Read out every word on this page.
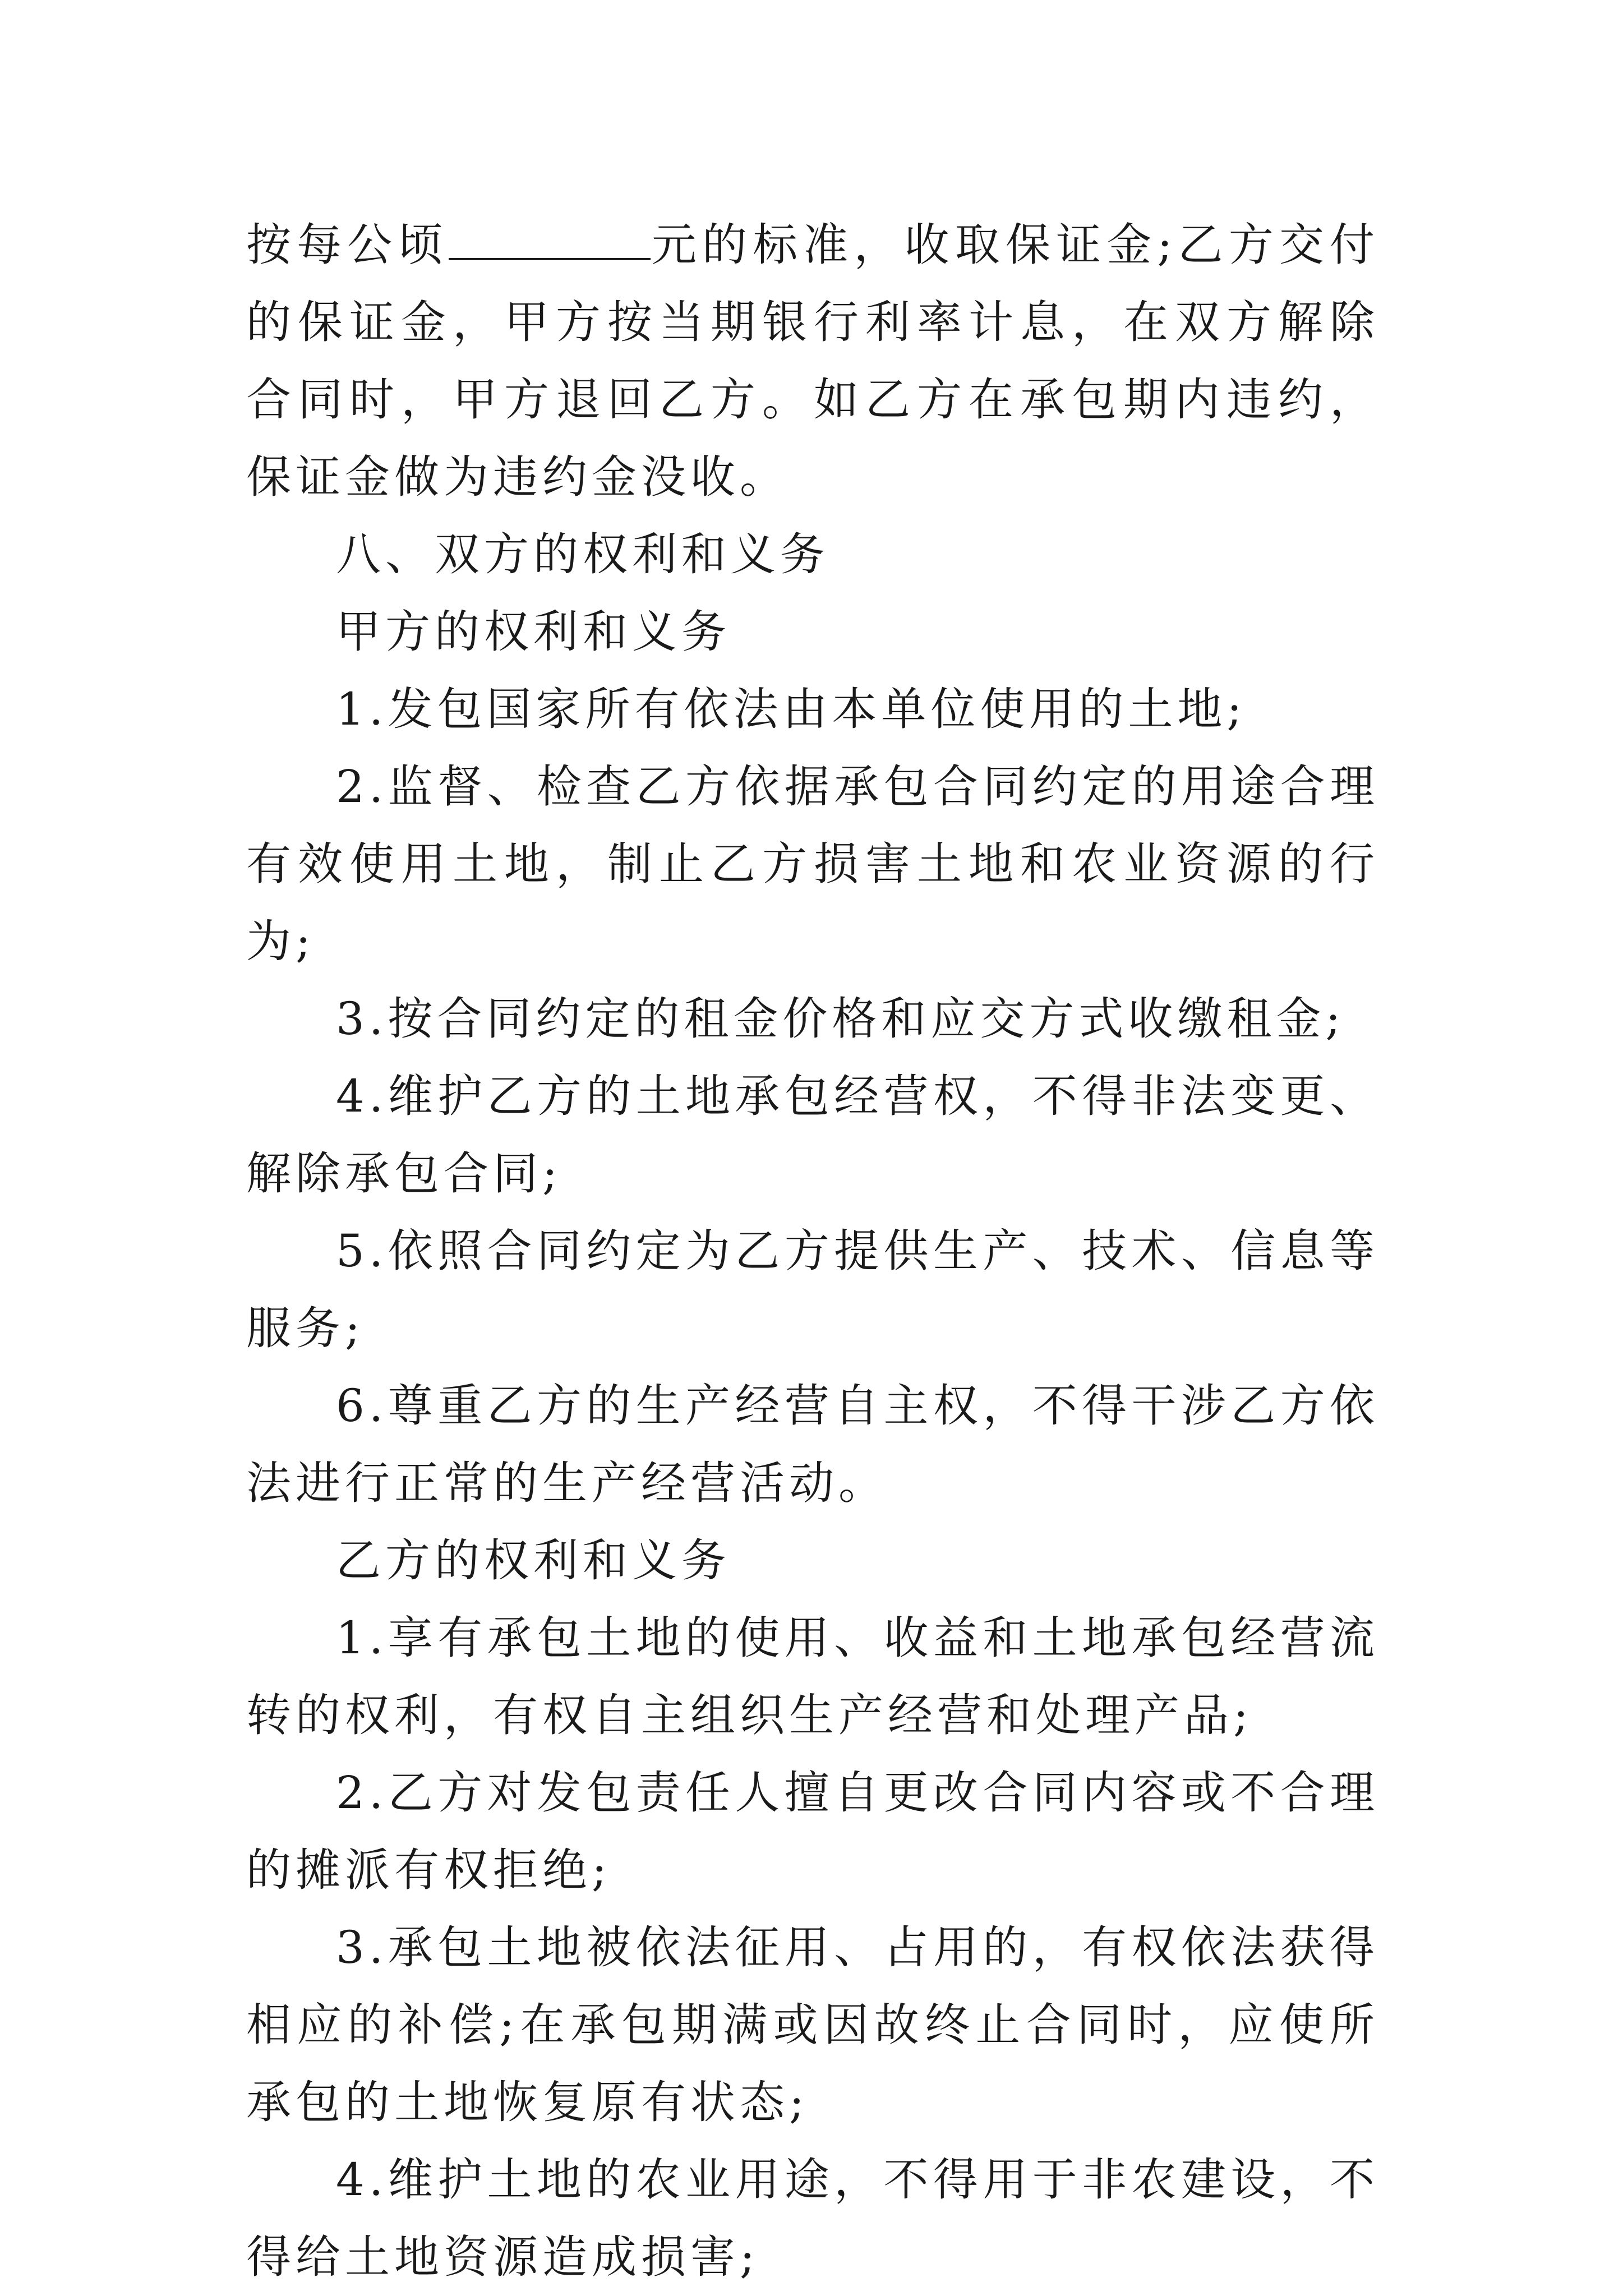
按每公顷	元的标准，收取保证金;乙方交付的保证金，甲方按当期银行利率计息，在双方解除合同时，甲方退回乙方。如乙方在承包期内违约，保证金做为违约金没收。

八、双方的权利和义务

甲方的权利和义务

1.发包国家所有依法由本单位使用的土地;

2.监督、检查乙方依据承包合同约定的用途合理有效使用土地，制止乙方损害土地和农业资源的行为;

3.按合同约定的租金价格和应交方式收缴租金;

4.维护乙方的土地承包经营权，不得非法变更、解除承包合同;

5.依照合同约定为乙方提供生产、技术、信息等服务;

6.尊重乙方的生产经营自主权，不得干涉乙方依法进行正常的生产经营活动。

乙方的权利和义务

1.享有承包土地的使用、收益和土地承包经营流转的权利，有权自主组织生产经营和处理产品;

2.乙方对发包责任人擅自更改合同内容或不合理的摊派有权拒绝;

3.承包土地被依法征用、占用的，有权依法获得相应的补偿;在承包期满或因故终止合同时，应使所承包的土地恢复原有状态;

4.维护土地的农业用途，不得用于非农建设，不得给土地资源造成损害;
